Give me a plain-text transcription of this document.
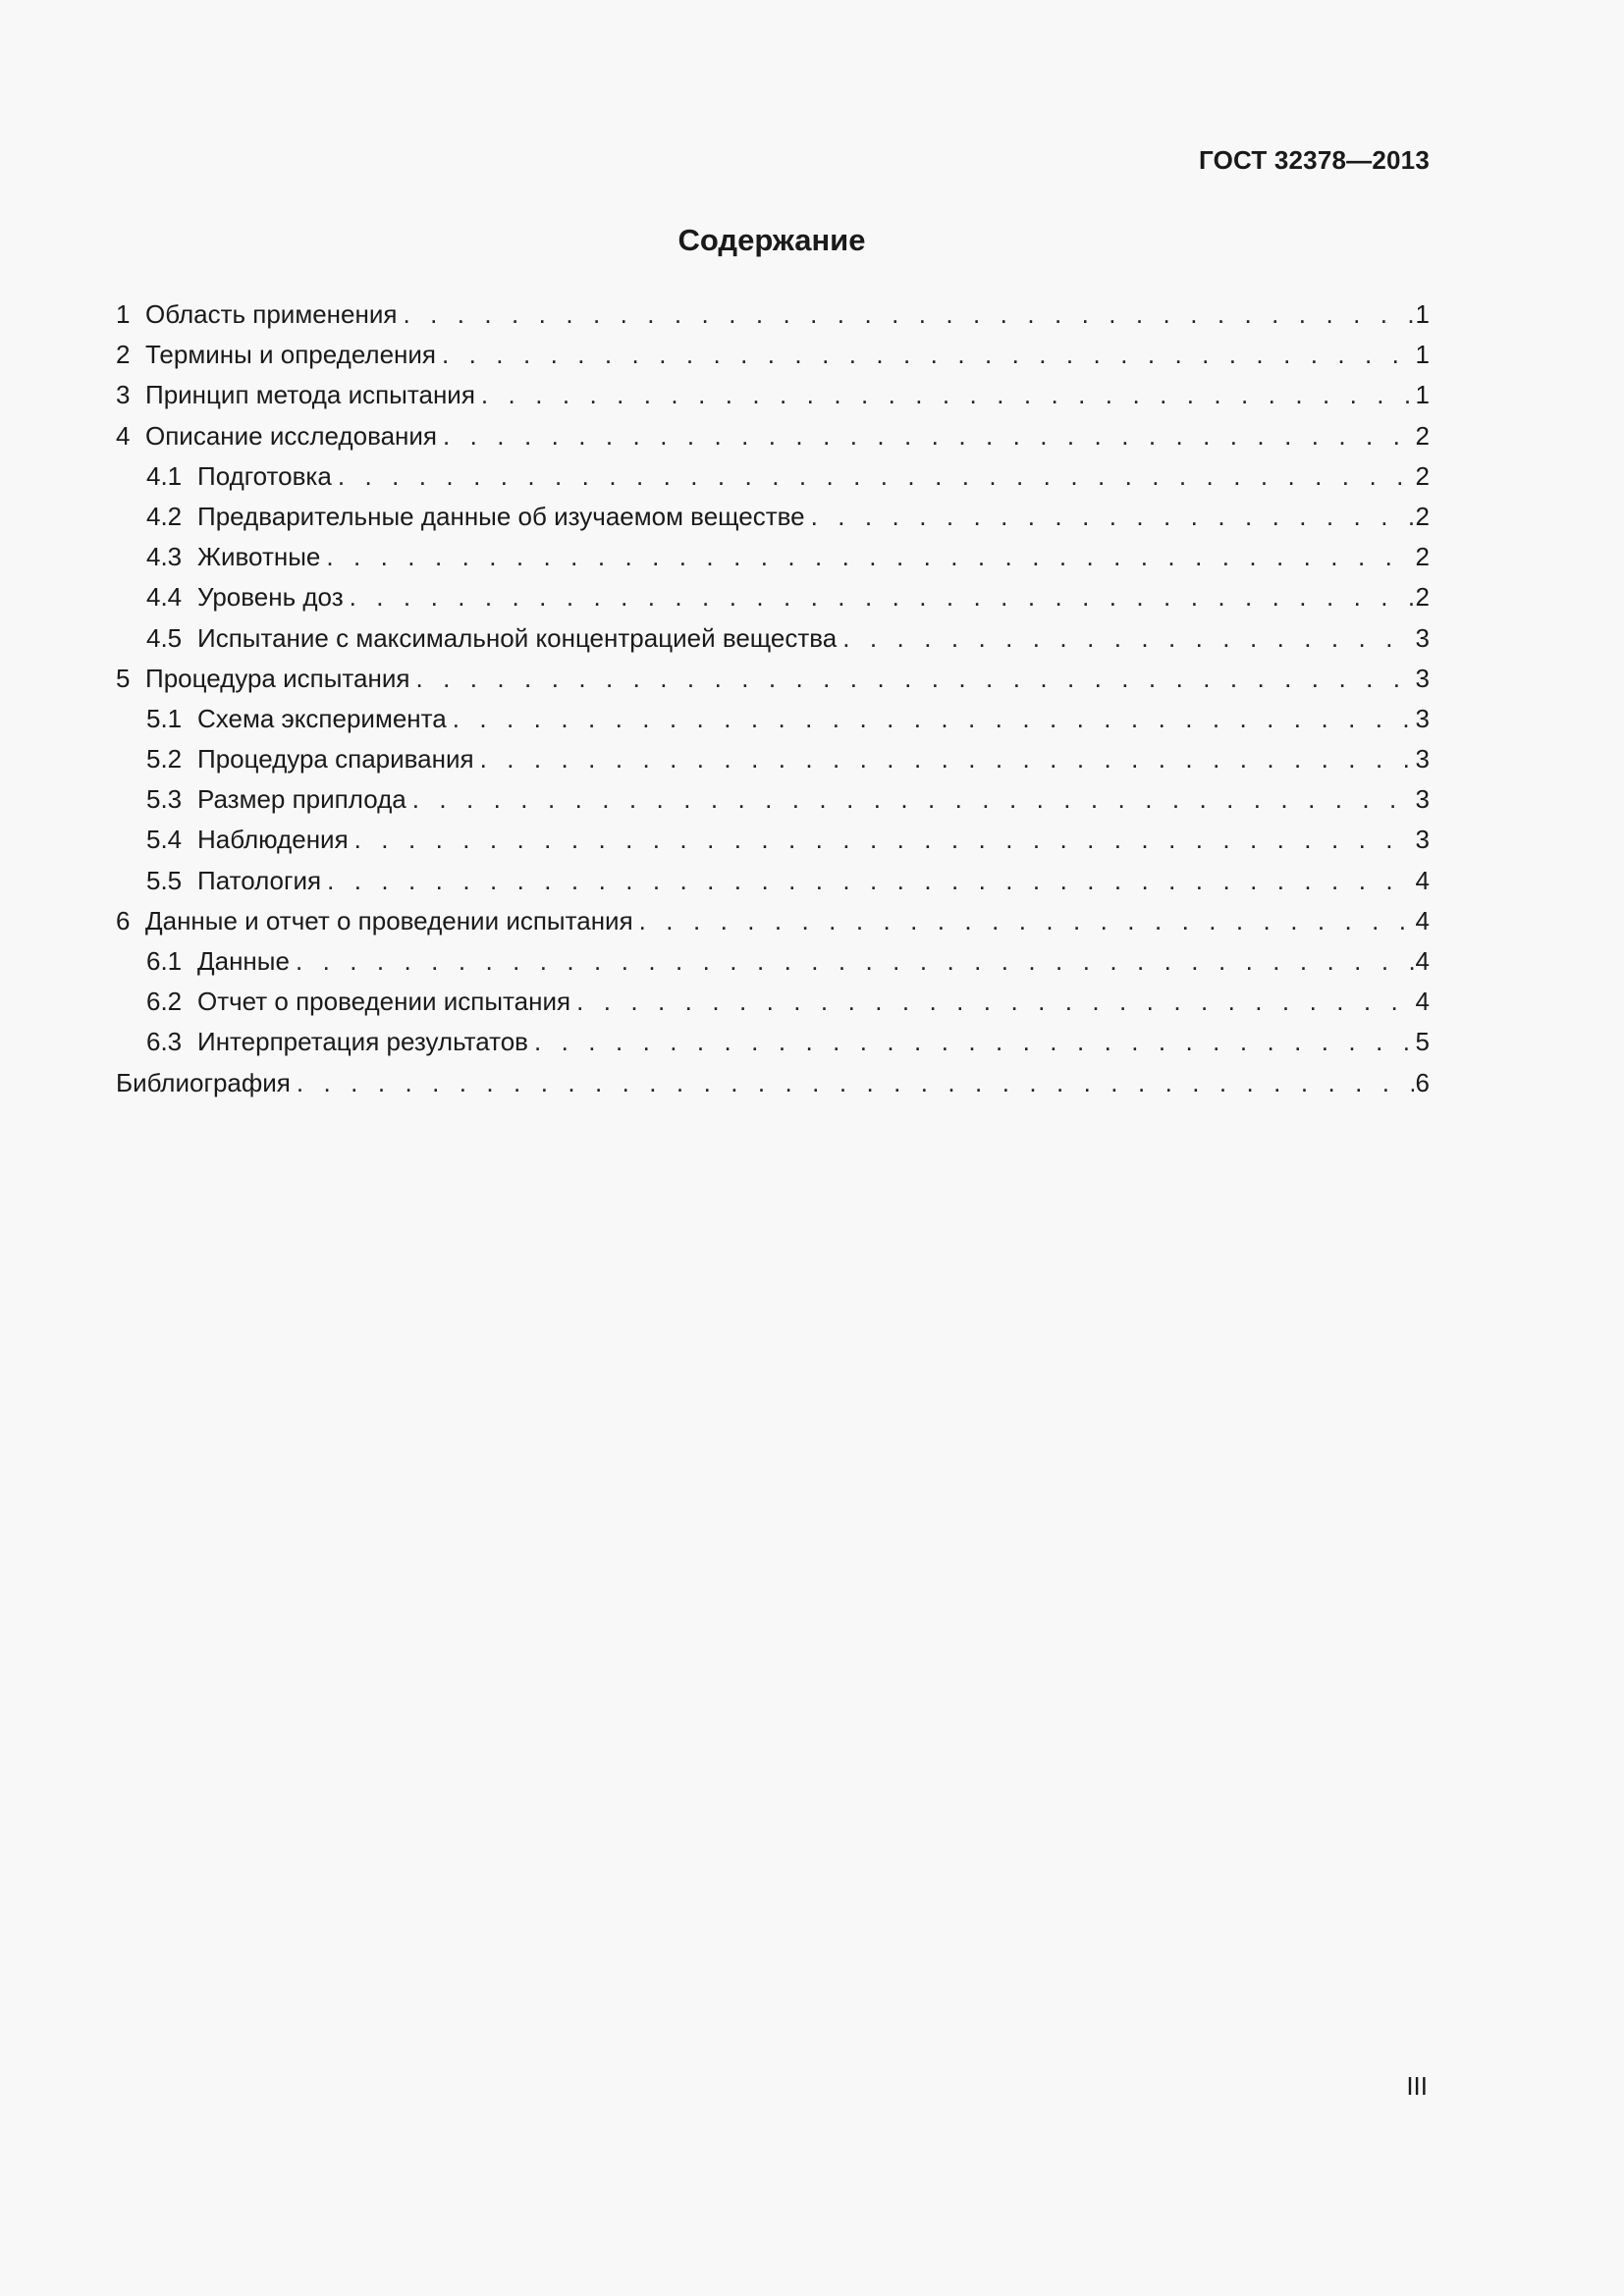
ГОСТ 32378—2013
Содержание
1 Область применения . . .	1
2 Термины и определения . . .	1
3 Принцип метода испытания . . .	1
4 Описание исследования . . .	2
4.1 Подготовка . . .	2
4.2 Предварительные данные об изучаемом веществе . . .	2
4.3 Животные . . .	2
4.4 Уровень доз . . .	2
4.5 Испытание с максимальной концентрацией вещества . . .	3
5 Процедура испытания . . .	3
5.1 Схема эксперимента . . .	3
5.2 Процедура спаривания . . .	3
5.3 Размер приплода . . .	3
5.4 Наблюдения . . .	3
5.5 Патология . . .	4
6 Данные и отчет о проведении испытания . . .	4
6.1 Данные . . .	4
6.2 Отчет о проведении испытания . . .	4
6.3 Интерпретация результатов . . .	5
Библиография . . .	6
III
